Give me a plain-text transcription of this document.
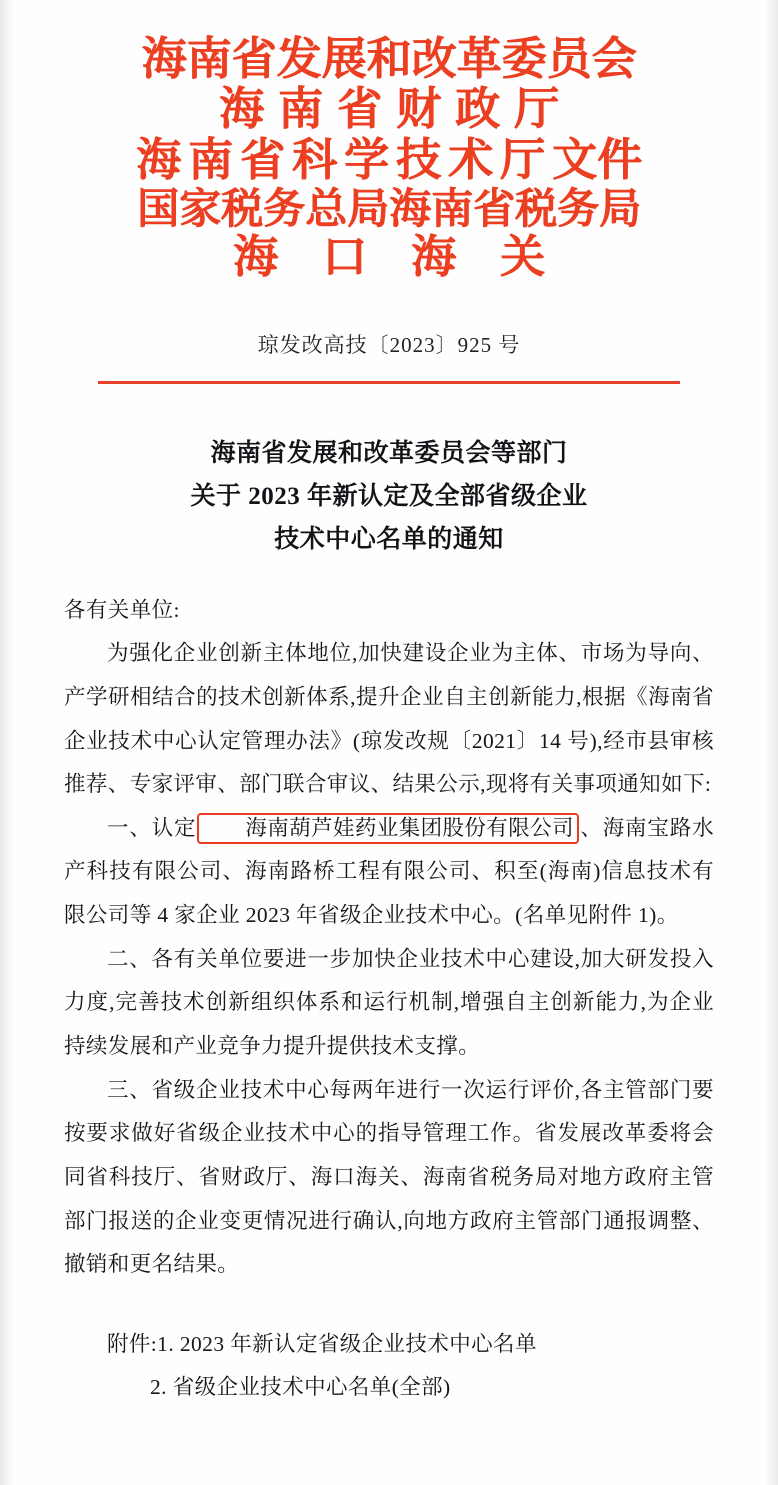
海南省发展和改革委员会
海南省财政厅
海南省科学技术厅文件
国家税务总局海南省税务局
海口海关
琼发改高技〔2023〕925 号
海南省发展和改革委员会等部门
关于 2023 年新认定及全部省级企业
技术中心名单的通知

各有关单位:

为强化企业创新主体地位,加快建设企业为主体、市场为导向、产学研相结合的技术创新体系,提升企业自主创新能力,根据《海南省企业技术中心认定管理办法》(琼发改规〔2021〕14 号),经市县审核推荐、专家评审、部门联合审议、结果公示,现将有关事项通知如下:

一、认定 海南葫芦娃药业集团股份有限公司 、海南宝路水产科技有限公司、海南路桥工程有限公司、积至(海南)信息技术有限公司等 4 家企业 2023 年省级企业技术中心。(名单见附件 1)。

二、各有关单位要进一步加快企业技术中心建设,加大研发投入力度,完善技术创新组织体系和运行机制,增强自主创新能力,为企业持续发展和产业竞争力提升提供技术支撑。

三、省级企业技术中心每两年进行一次运行评价,各主管部门要按要求做好省级企业技术中心的指导管理工作。省发展改革委将会同省科技厅、省财政厅、海口海关、海南省税务局对地方政府主管部门报送的企业变更情况进行确认,向地方政府主管部门通报调整、撤销和更名结果。

附件:1. 2023 年新认定省级企业技术中心名单
2. 省级企业技术中心名单(全部)
